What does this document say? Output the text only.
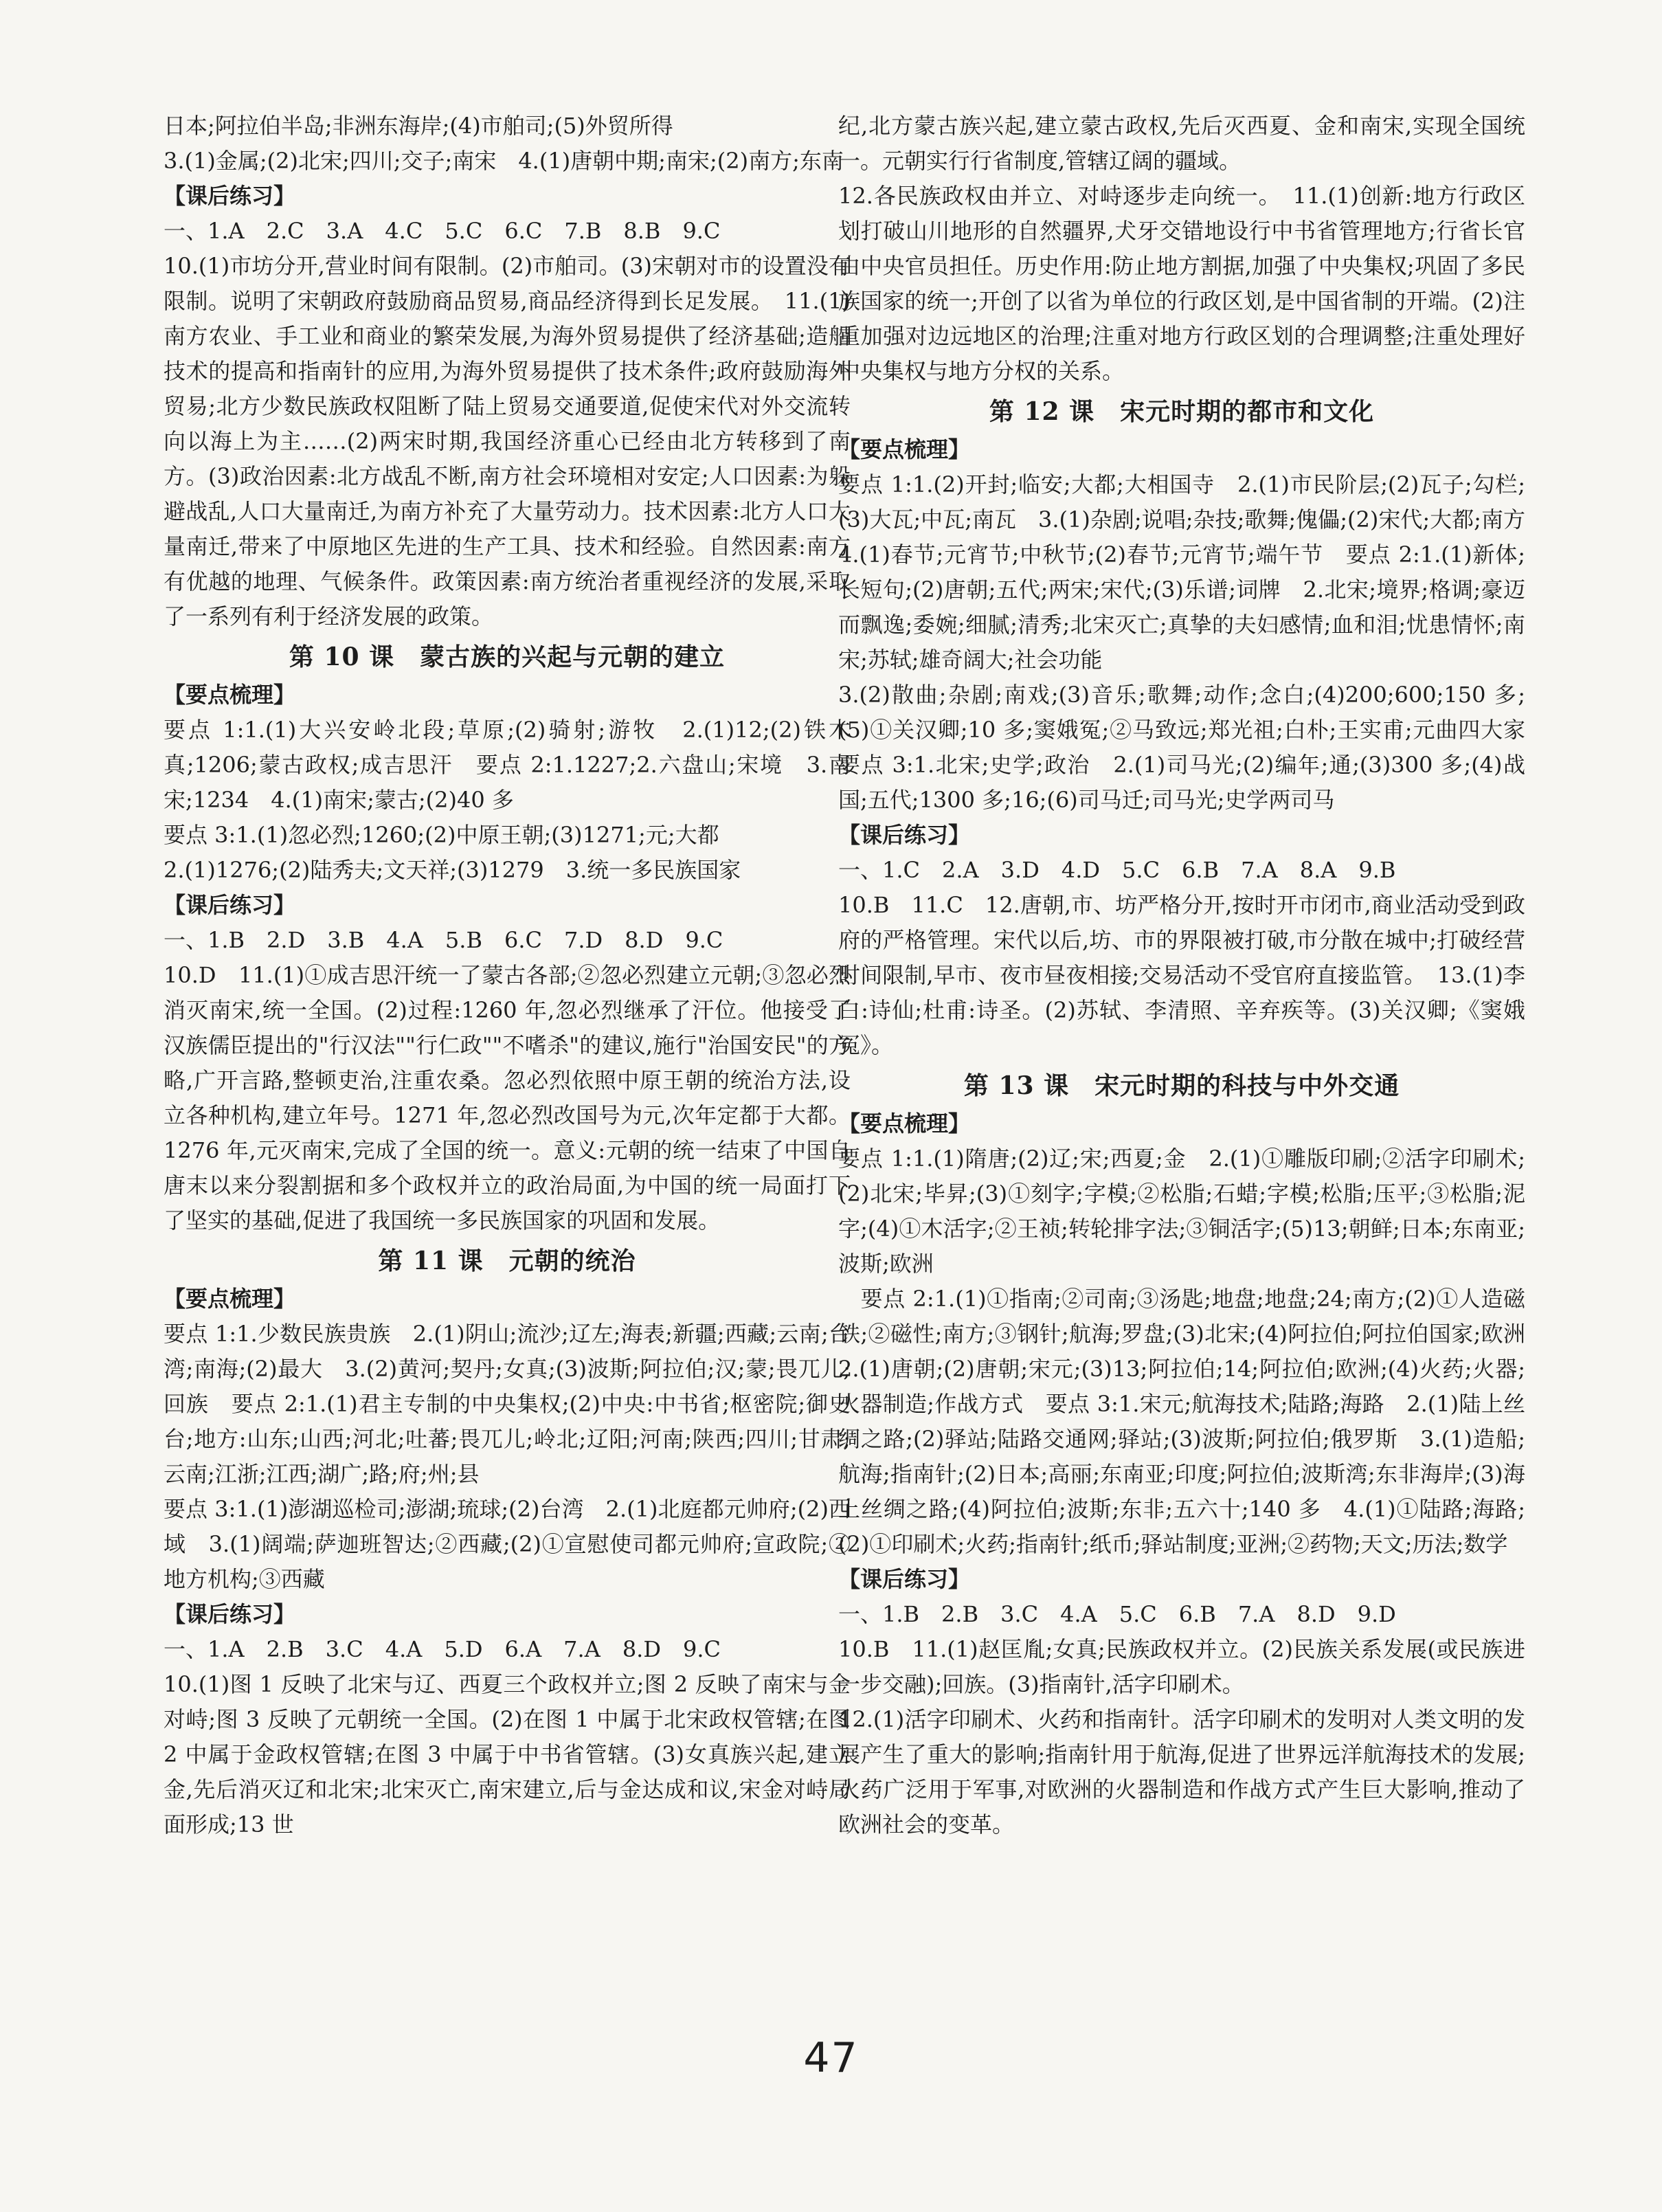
日本;阿拉伯半岛;非洲东海岸;(4)市舶司;(5)外贸所得
3.(1)金属;(2)北宋;四川;交子;南宋　4.(1)唐朝中期;南宋;(2)南方;东南
【课后练习】
一、1.A　2.C　3.A　4.C　5.C　6.C　7.B　8.B　9.C
10.(1)市坊分开,营业时间有限制。(2)市舶司。(3)宋朝对市的设置没有限制。说明了宋朝政府鼓励商品贸易,商品经济得到长足发展。　11.(1)南方农业、手工业和商业的繁荣发展,为海外贸易提供了经济基础;造船技术的提高和指南针的应用,为海外贸易提供了技术条件;政府鼓励海外贸易;北方少数民族政权阻断了陆上贸易交通要道,促使宋代对外交流转向以海上为主……(2)两宋时期,我国经济重心已经由北方转移到了南方。(3)政治因素:北方战乱不断,南方社会环境相对安定;人口因素:为躲避战乱,人口大量南迁,为南方补充了大量劳动力。技术因素:北方人口大量南迁,带来了中原地区先进的生产工具、技术和经验。自然因素:南方有优越的地理、气候条件。政策因素:南方统治者重视经济的发展,采取了一系列有利于经济发展的政策。
第 10 课　蒙古族的兴起与元朝的建立
【要点梳理】
要点 1:1.(1)大兴安岭北段;草原;(2)骑射;游牧　2.(1)12;(2)铁木真;1206;蒙古政权;成吉思汗　要点 2:1.1227;2.六盘山;宋境　3.南宋;1234　4.(1)南宋;蒙古;(2)40 多
要点 3:1.(1)忽必烈;1260;(2)中原王朝;(3)1271;元;大都
2.(1)1276;(2)陆秀夫;文天祥;(3)1279　3.统一多民族国家
【课后练习】
一、1.B　2.D　3.B　4.A　5.B　6.C　7.D　8.D　9.C
10.D　11.(1)①成吉思汗统一了蒙古各部;②忽必烈建立元朝;③忽必烈消灭南宋,统一全国。(2)过程:1260 年,忽必烈继承了汗位。他接受了汉族儒臣提出的"行汉法""行仁政""不嗜杀"的建议,施行"治国安民"的方略,广开言路,整顿吏治,注重农桑。忽必烈依照中原王朝的统治方法,设立各种机构,建立年号。1271 年,忽必烈改国号为元,次年定都于大都。1276 年,元灭南宋,完成了全国的统一。意义:元朝的统一结束了中国自唐末以来分裂割据和多个政权并立的政治局面,为中国的统一局面打下了坚实的基础,促进了我国统一多民族国家的巩固和发展。
第 11 课　元朝的统治
【要点梳理】
要点 1:1.少数民族贵族　2.(1)阴山;流沙;辽左;海表;新疆;西藏;云南;台湾;南海;(2)最大　3.(2)黄河;契丹;女真;(3)波斯;阿拉伯;汉;蒙;畏兀儿;回族　要点 2:1.(1)君主专制的中央集权;(2)中央:中书省;枢密院;御史台;地方:山东;山西;河北;吐蕃;畏兀儿;岭北;辽阳;河南;陕西;四川;甘肃;云南;江浙;江西;湖广;路;府;州;县
要点 3:1.(1)澎湖巡检司;澎湖;琉球;(2)台湾　2.(1)北庭都元帅府;(2)西域　3.(1)阔端;萨迦班智达;②西藏;(2)①宣慰使司都元帅府;宣政院;②地方机构;③西藏
【课后练习】
一、1.A　2.B　3.C　4.A　5.D　6.A　7.A　8.D　9.C
10.(1)图 1 反映了北宋与辽、西夏三个政权并立;图 2 反映了南宋与金对峙;图 3 反映了元朝统一全国。(2)在图 1 中属于北宋政权管辖;在图 2 中属于金政权管辖;在图 3 中属于中书省管辖。(3)女真族兴起,建立金,先后消灭辽和北宋;北宋灭亡,南宋建立,后与金达成和议,宋金对峙局面形成;13 世
纪,北方蒙古族兴起,建立蒙古政权,先后灭西夏、金和南宋,实现全国统一。元朝实行行省制度,管辖辽阔的疆域。
12.各民族政权由并立、对峙逐步走向统一。　11.(1)创新:地方行政区划打破山川地形的自然疆界,犬牙交错地设行中书省管理地方;行省长官由中央官员担任。历史作用:防止地方割据,加强了中央集权;巩固了多民族国家的统一;开创了以省为单位的行政区划,是中国省制的开端。(2)注重加强对边远地区的治理;注重对地方行政区划的合理调整;注重处理好中央集权与地方分权的关系。
第 12 课　宋元时期的都市和文化
【要点梳理】
要点 1:1.(2)开封;临安;大都;大相国寺　2.(1)市民阶层;(2)瓦子;勾栏;(3)大瓦;中瓦;南瓦　3.(1)杂剧;说唱;杂技;歌舞;傀儡;(2)宋代;大都;南方　4.(1)春节;元宵节;中秋节;(2)春节;元宵节;端午节　要点 2:1.(1)新体;长短句;(2)唐朝;五代;两宋;宋代;(3)乐谱;词牌　2.北宋;境界;格调;豪迈而飘逸;委婉;细腻;清秀;北宋灭亡;真挚的夫妇感情;血和泪;忧患情怀;南宋;苏轼;雄奇阔大;社会功能
3.(2)散曲;杂剧;南戏;(3)音乐;歌舞;动作;念白;(4)200;600;150 多;(5)①关汉卿;10 多;窦娥冤;②马致远;郑光祖;白朴;王实甫;元曲四大家　要点 3:1.北宋;史学;政治　2.(1)司马光;(2)编年;通;(3)300 多;(4)战国;五代;1300 多;16;(6)司马迁;司马光;史学两司马
【课后练习】
一、1.C　2.A　3.D　4.D　5.C　6.B　7.A　8.A　9.B
10.B　11.C　12.唐朝,市、坊严格分开,按时开市闭市,商业活动受到政府的严格管理。宋代以后,坊、市的界限被打破,市分散在城中;打破经营时间限制,早市、夜市昼夜相接;交易活动不受官府直接监管。　13.(1)李白:诗仙;杜甫:诗圣。(2)苏轼、李清照、辛弃疾等。(3)关汉卿;《窦娥冤》。
第 13 课　宋元时期的科技与中外交通
【要点梳理】
要点 1:1.(1)隋唐;(2)辽;宋;西夏;金　2.(1)①雕版印刷;②活字印刷术;(2)北宋;毕昇;(3)①刻字;字模;②松脂;石蜡;字模;松脂;压平;③松脂;泥字;(4)①木活字;②王祯;转轮排字法;③铜活字;(5)13;朝鲜;日本;东南亚;波斯;欧洲
　要点 2:1.(1)①指南;②司南;③汤匙;地盘;地盘;24;南方;(2)①人造磁铁;②磁性;南方;③钢针;航海;罗盘;(3)北宋;(4)阿拉伯;阿拉伯国家;欧洲　2.(1)唐朝;(2)唐朝;宋元;(3)13;阿拉伯;14;阿拉伯;欧洲;(4)火药;火器;火器制造;作战方式　要点 3:1.宋元;航海技术;陆路;海路　2.(1)陆上丝绸之路;(2)驿站;陆路交通网;驿站;(3)波斯;阿拉伯;俄罗斯　3.(1)造船;航海;指南针;(2)日本;高丽;东南亚;印度;阿拉伯;波斯湾;东非海岸;(3)海上丝绸之路;(4)阿拉伯;波斯;东非;五六十;140 多　4.(1)①陆路;海路;(2)①印刷术;火药;指南针;纸币;驿站制度;亚洲;②药物;天文;历法;数学
【课后练习】
一、1.B　2.B　3.C　4.A　5.C　6.B　7.A　8.D　9.D
10.B　11.(1)赵匡胤;女真;民族政权并立。(2)民族关系发展(或民族进一步交融);回族。(3)指南针,活字印刷术。
12.(1)活字印刷术、火药和指南针。活字印刷术的发明对人类文明的发展产生了重大的影响;指南针用于航海,促进了世界远洋航海技术的发展;火药广泛用于军事,对欧洲的火器制造和作战方式产生巨大影响,推动了欧洲社会的变革。
47
